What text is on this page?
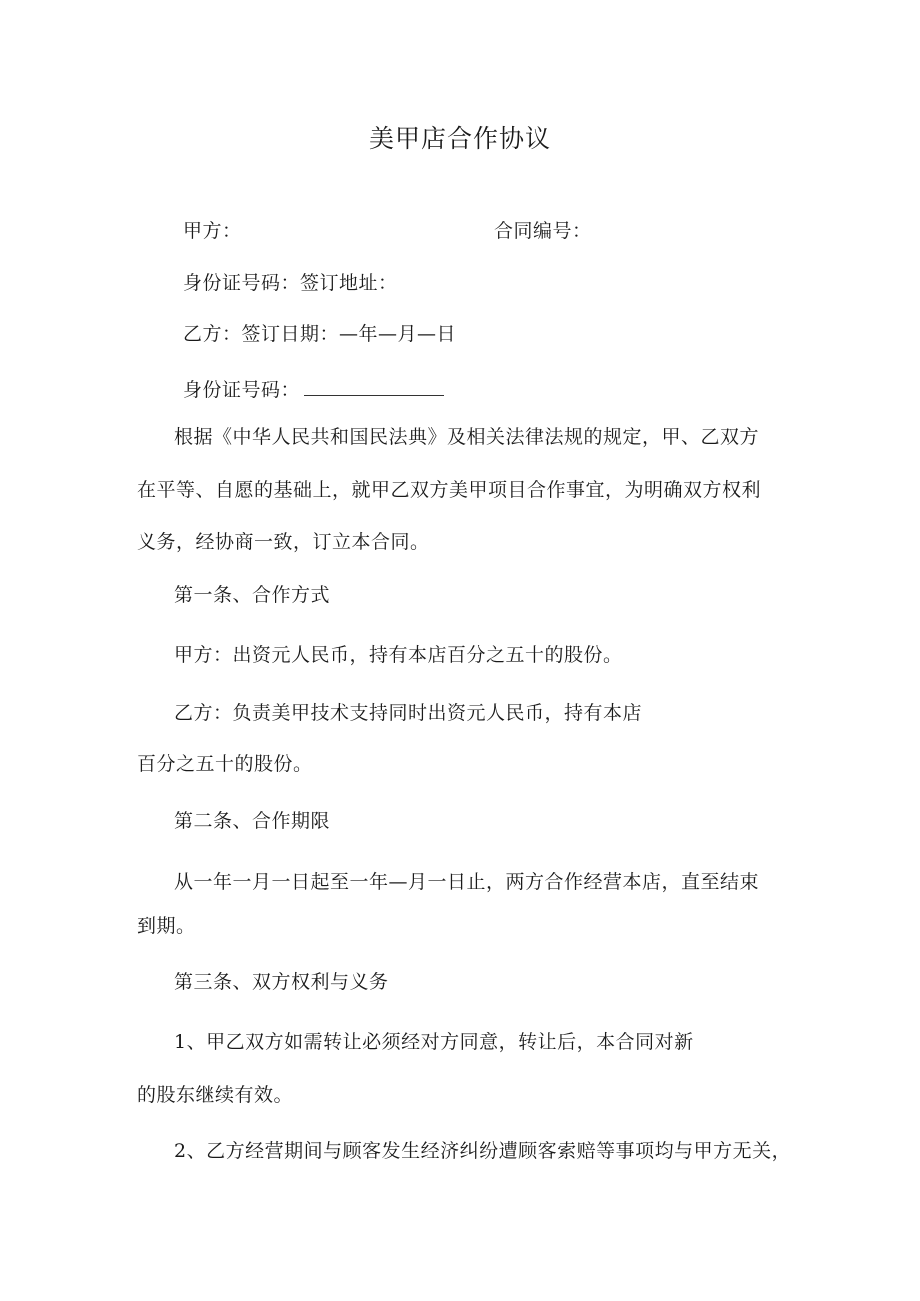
美甲店合作协议
甲方：	合同编号：
身份证号码：签订地址：
乙方：签订日期：—年—月—日
身份证号码：
根据《中华人民共和国民法典》及相关法律法规的规定，甲、乙双方
在平等、自愿的基础上，就甲乙双方美甲项目合作事宜，为明确双方权利
义务，经协商一致，订立本合同。
第一条、合作方式
甲方：出资元人民币，持有本店百分之五十的股份。
乙方：负责美甲技术支持同时出资元人民币，持有本店
百分之五十的股份。
第二条、合作期限
从一年一月一日起至一年—月一日止，两方合作经营本店，直至结束
到期。
第三条、双方权利与义务
1、甲乙双方如需转让必须经对方同意，转让后，本合同对新
的股东继续有效。
2、乙方经营期间与顾客发生经济纠纷遭顾客索赔等事项均与甲方无关，
